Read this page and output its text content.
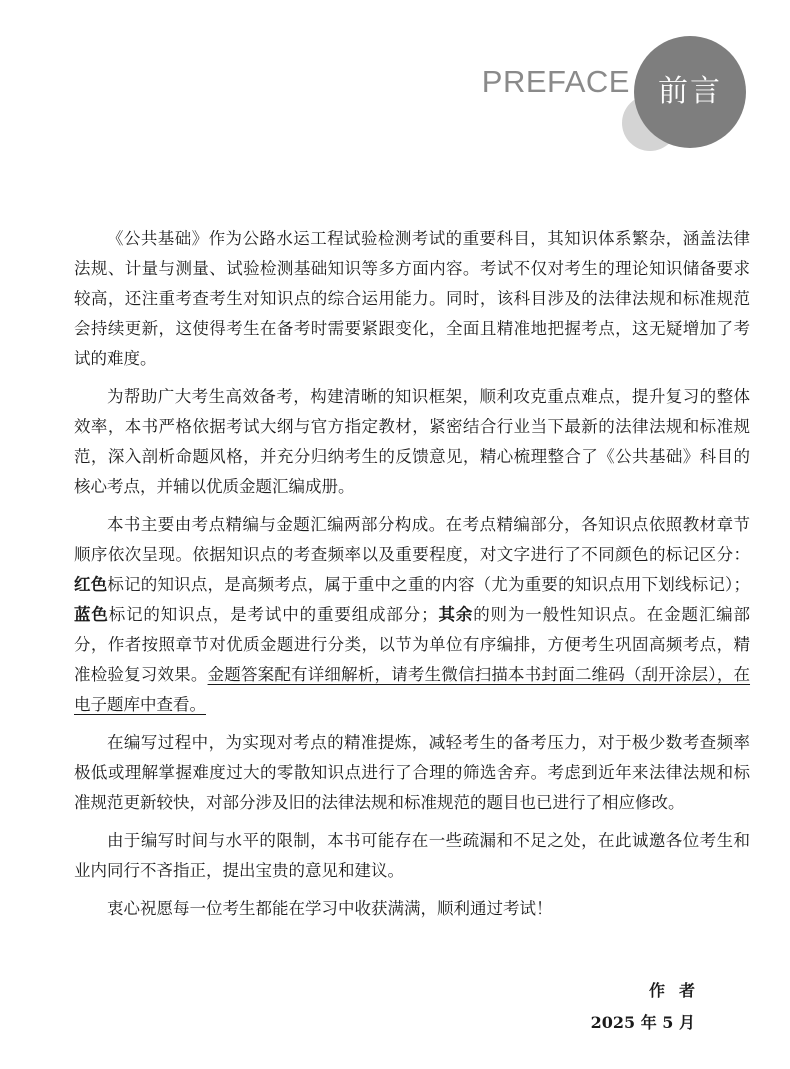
PREFACE 前言

《公共基础》作为公路水运工程试验检测考试的重要科目，其知识体系繁杂，涵盖法律法规、计量与测量、试验检测基础知识等多方面内容。考试不仅对考生的理论知识储备要求较高，还注重考查考生对知识点的综合运用能力。同时，该科目涉及的法律法规和标准规范会持续更新，这使得考生在备考时需要紧跟变化，全面且精准地把握考点，这无疑增加了考试的难度。

为帮助广大考生高效备考，构建清晰的知识框架，顺利攻克重点难点，提升复习的整体效率，本书严格依据考试大纲与官方指定教材，紧密结合行业当下最新的法律法规和标准规范，深入剖析命题风格，并充分归纳考生的反馈意见，精心梳理整合了《公共基础》科目的核心考点，并辅以优质金题汇编成册。

本书主要由考点精编与金题汇编两部分构成。在考点精编部分，各知识点依照教材章节顺序依次呈现。依据知识点的考查频率以及重要程度，对文字进行了不同颜色的标记区分：红色标记的知识点，是高频考点，属于重中之重的内容（尤为重要的知识点用下划线标记）；蓝色标记的知识点，是考试中的重要组成部分；其余的则为一般性知识点。在金题汇编部分，作者按照章节对优质金题进行分类，以节为单位有序编排，方便考生巩固高频考点，精准检验复习效果。金题答案配有详细解析，请考生微信扫描本书封面二维码（刮开涂层），在电子题库中查看。

在编写过程中，为实现对考点的精准提炼，减轻考生的备考压力，对于极少数考查频率极低或理解掌握难度过大的零散知识点进行了合理的筛选舍弃。考虑到近年来法律法规和标准规范更新较快，对部分涉及旧的法律法规和标准规范的题目也已进行了相应修改。

由于编写时间与水平的限制，本书可能存在一些疏漏和不足之处，在此诚邀各位考生和业内同行不吝指正，提出宝贵的意见和建议。

衷心祝愿每一位考生都能在学习中收获满满，顺利通过考试！

作者
2025 年 5 月
